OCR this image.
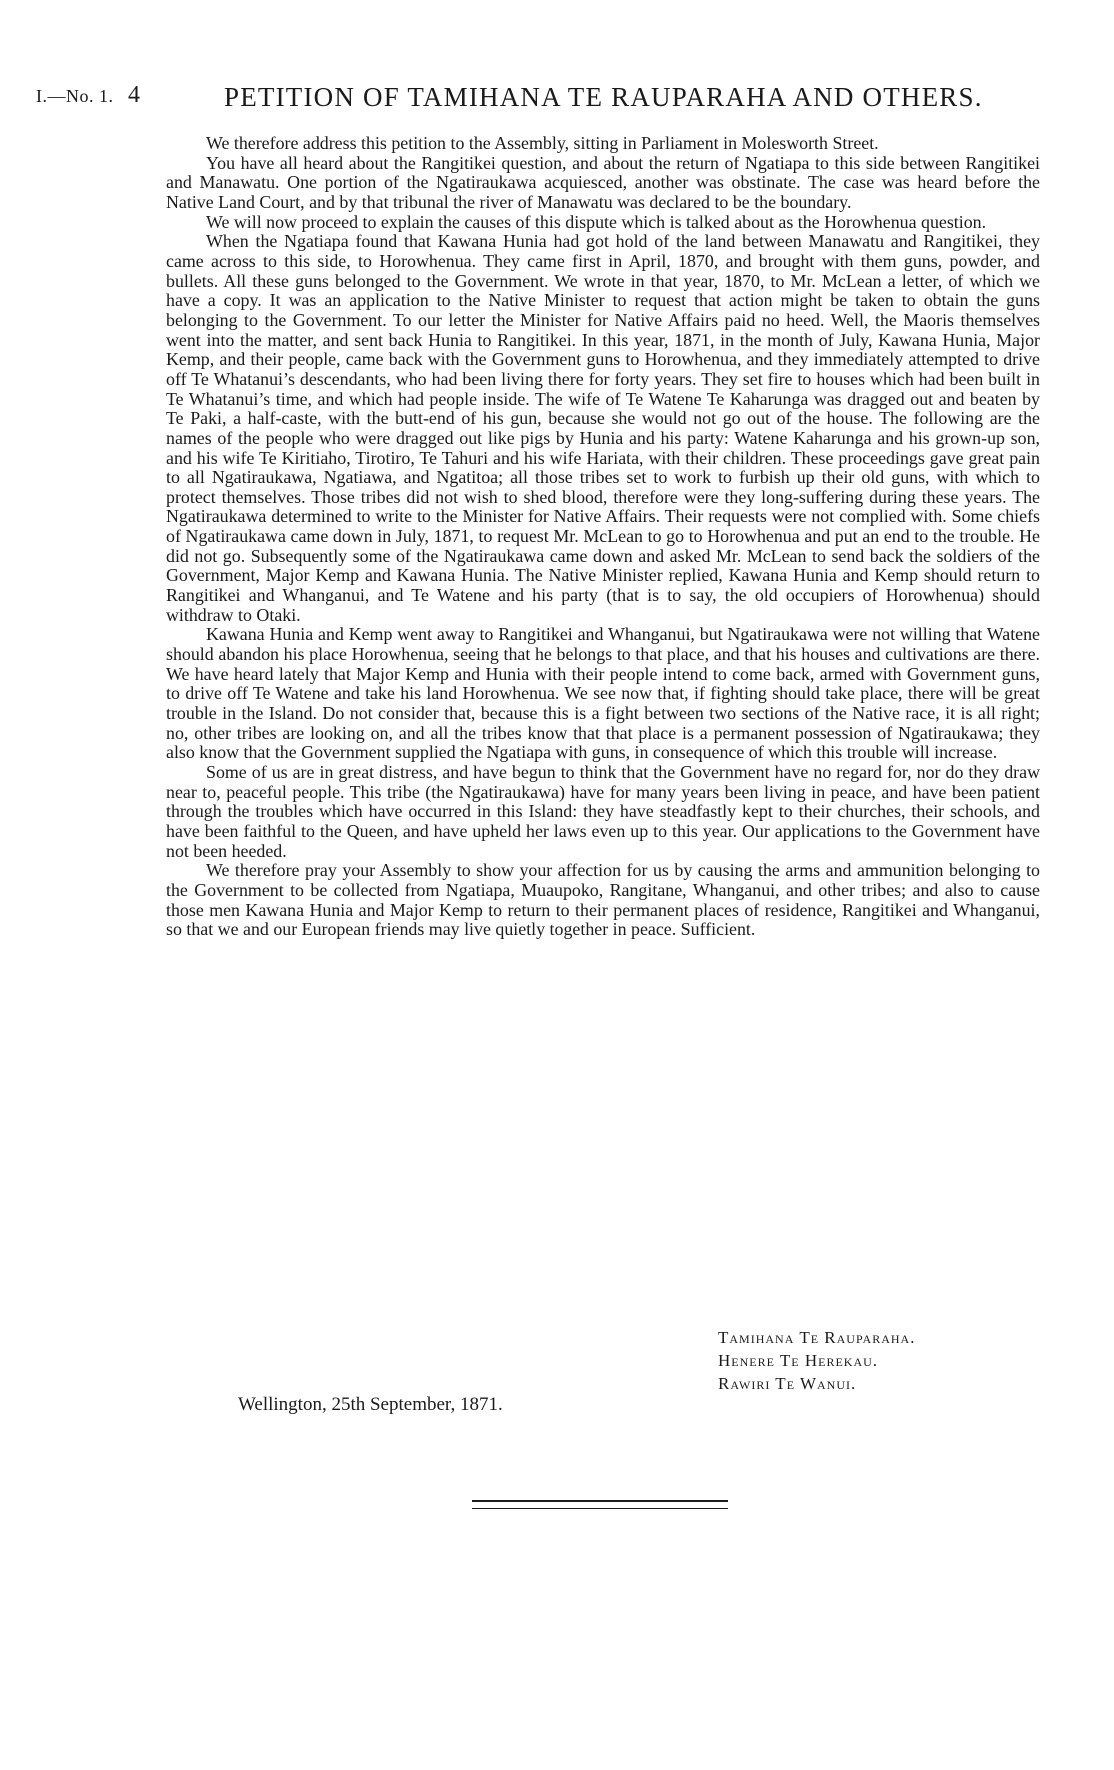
I.—No. 1. 4	PETITION OF TAMIHANA TE RAUPARAHA AND OTHERS.

We therefore address this petition to the Assembly, sitting in Parliament in Molesworth Street.

You have all heard about the Rangitikei question, and about the return of Ngatiapa to this side between Rangitikei and Manawatu. One portion of the Ngatiraukawa acquiesced, another was obstinate. The case was heard before the Native Land Court, and by that tribunal the river of Manawatu was declared to be the boundary.

We will now proceed to explain the causes of this dispute which is talked about as the Horowhenua question.

When the Ngatiapa found that Kawana Hunia had got hold of the land between Manawatu and Rangitikei, they came across to this side, to Horowhenua. They came first in April, 1870, and brought with them guns, powder, and bullets. All these guns belonged to the Government. We wrote in that year, 1870, to Mr. McLean a letter, of which we have a copy. It was an application to the Native Minister to request that action might be taken to obtain the guns belonging to the Government. To our letter the Minister for Native Affairs paid no heed. Well, the Maoris themselves went into the matter, and sent back Hunia to Rangitikei. In this year, 1871, in the month of July, Kawana Hunia, Major Kemp, and their people, came back with the Government guns to Horowhenua, and they immediately attempted to drive off Te Whatanui’s descendants, who had been living there for forty years. They set fire to houses which had been built in Te Whatanui’s time, and which had people inside. The wife of Te Watene Te Kaharunga was dragged out and beaten by Te Paki, a half-caste, with the butt-end of his gun, because she would not go out of the house. The following are the names of the people who were dragged out like pigs by Hunia and his party: Watene Kaharunga and his grown-up son, and his wife Te Kiritiaho, Tirotiro, Te Tahuri and his wife Hariata, with their children. These proceedings gave great pain to all Ngatiraukawa, Ngatiawa, and Ngatitoa; all those tribes set to work to furbish up their old guns, with which to protect themselves. Those tribes did not wish to shed blood, therefore were they long-suffering during these years. The Ngatiraukawa determined to write to the Minister for Native Affairs. Their requests were not complied with. Some chiefs of Ngatiraukawa came down in July, 1871, to request Mr. McLean to go to Horowhenua and put an end to the trouble. He did not go. Subsequently some of the Ngatiraukawa came down and asked Mr. McLean to send back the soldiers of the Government, Major Kemp and Kawana Hunia. The Native Minister replied, Kawana Hunia and Kemp should return to Rangitikei and Whanganui, and Te Watene and his party (that is to say, the old occupiers of Horowhenua) should withdraw to Otaki.

Kawana Hunia and Kemp went away to Rangitikei and Whanganui, but Ngatiraukawa were not willing that Watene should abandon his place Horowhenua, seeing that he belongs to that place, and that his houses and cultivations are there. We have heard lately that Major Kemp and Hunia with their people intend to come back, armed with Government guns, to drive off Te Watene and take his land Horowhenua. We see now that, if fighting should take place, there will be great trouble in the Island. Do not consider that, because this is a fight between two sections of the Native race, it is all right; no, other tribes are looking on, and all the tribes know that that place is a permanent possession of Ngatiraukawa; they also know that the Government supplied the Ngatiapa with guns, in consequence of which this trouble will increase.

Some of us are in great distress, and have begun to think that the Government have no regard for, nor do they draw near to, peaceful people. This tribe (the Ngatiraukawa) have for many years been living in peace, and have been patient through the troubles which have occurred in this Island: they have steadfastly kept to their churches, their schools, and have been faithful to the Queen, and have upheld her laws even up to this year. Our applications to the Government have not been heeded.

We therefore pray your Assembly to show your affection for us by causing the arms and ammunition belonging to the Government to be collected from Ngatiapa, Muaupoko, Rangitane, Whanganui, and other tribes; and also to cause those men Kawana Hunia and Major Kemp to return to their permanent places of residence, Rangitikei and Whanganui, so that we and our European friends may live quietly together in peace. Sufficient.

Tamihana Te Rauparaha.
Henere Te Herekau.
Rawiri Te Wanui.
Wellington, 25th September, 1871.
